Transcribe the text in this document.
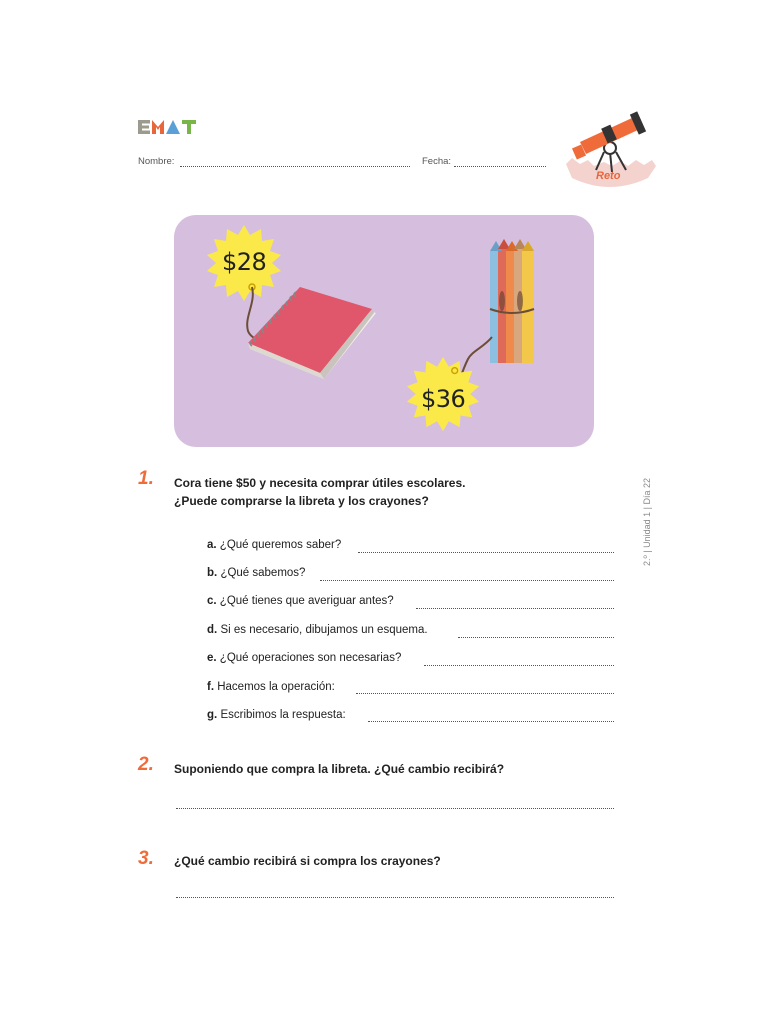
Nombre:	Fecha:
Reto
2.º | Unidad 1 | Día 22
$28
$36
1. Cora tiene $50 y necesita comprar útiles escolares.
¿Puede comprarse la libreta y los crayones?
a. ¿Qué queremos saber?
b. ¿Qué sabemos?
c. ¿Qué tienes que averiguar antes?
d. Si es necesario, dibujamos un esquema.
e. ¿Qué operaciones son necesarias?
f. Hacemos la operación:
g. Escribimos la respuesta:
2. Suponiendo que compra la libreta. ¿Qué cambio recibirá?
3. ¿Qué cambio recibirá si compra los crayones?
